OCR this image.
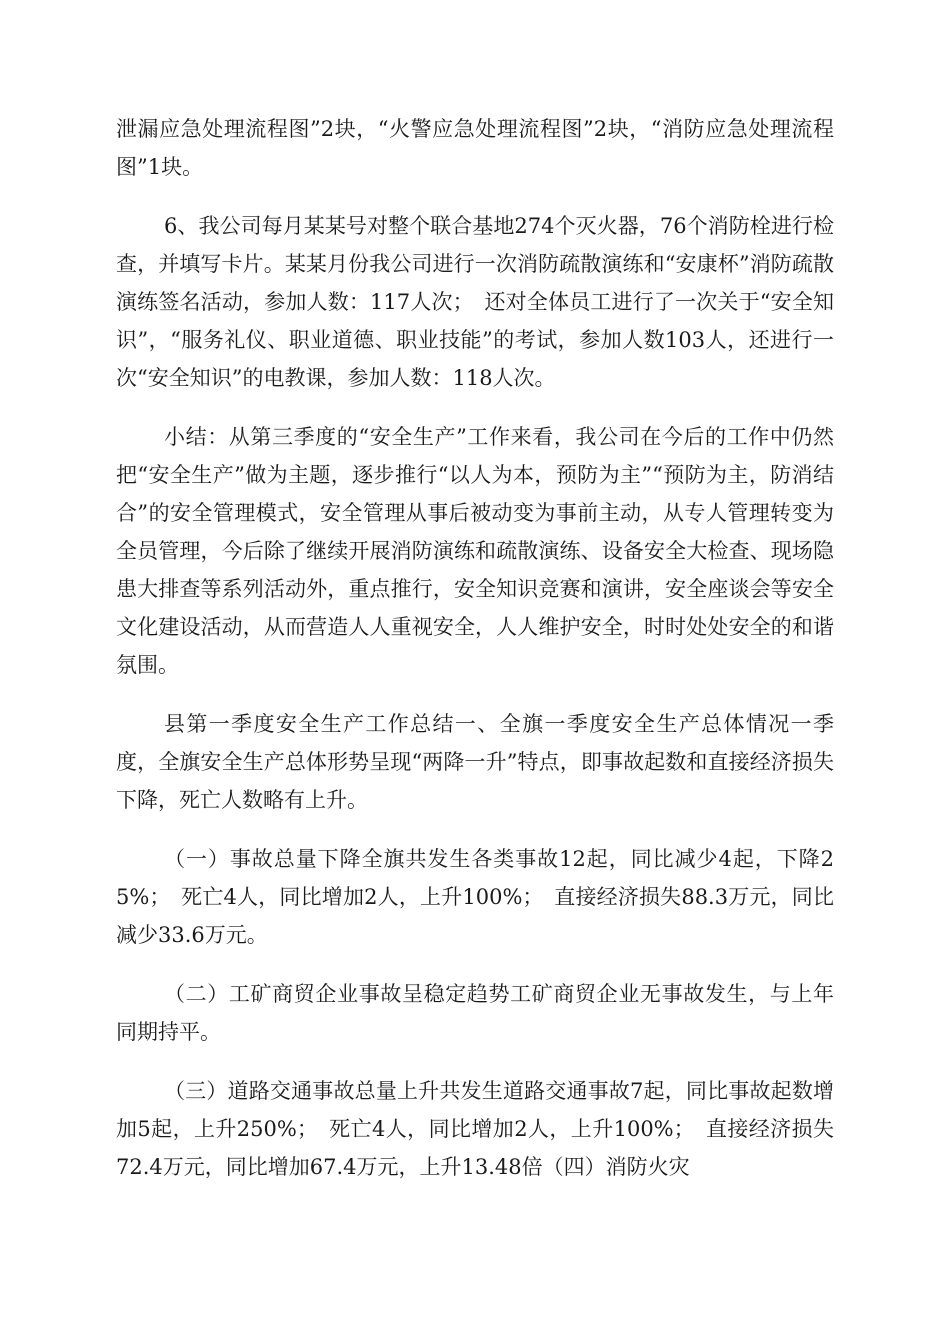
泄漏应急处理流程图”2块，“火警应急处理流程图”2块，“消防应急处理流程图”1块。

6、我公司每月某某号对整个联合基地274个灭火器，76个消防栓进行检查，并填写卡片。某某月份我公司进行一次消防疏散演练和“安康杯”消防疏散演练签名活动，参加人数：117人次；　还对全体员工进行了一次关于“安全知识”，“服务礼仪、职业道德、职业技能”的考试，参加人数103人，还进行一次“安全知识”的电教课，参加人数：118人次。

小结：从第三季度的“安全生产”工作来看，我公司在今后的工作中仍然把“安全生产”做为主题，逐步推行“以人为本，预防为主”“预防为主，防消结合”的安全管理模式，安全管理从事后被动变为事前主动，从专人管理转变为全员管理，今后除了继续开展消防演练和疏散演练、设备安全大检查、现场隐患大排查等系列活动外，重点推行，安全知识竞赛和演讲，安全座谈会等安全文化建设活动，从而营造人人重视安全，人人维护安全，时时处处安全的和谐氛围。

县第一季度安全生产工作总结一、全旗一季度安全生产总体情况一季度，全旗安全生产总体形势呈现“两降一升”特点，即事故起数和直接经济损失下降，死亡人数略有上升。

（一）事故总量下降全旗共发生各类事故12起，同比减少4起，下降25%；　死亡4人，同比增加2人，上升100%；　直接经济损失88.3万元，同比减少33.6万元。

（二）工矿商贸企业事故呈稳定趋势工矿商贸企业无事故发生，与上年同期持平。

（三）道路交通事故总量上升共发生道路交通事故7起，同比事故起数增加5起，上升250%；　死亡4人，同比增加2人，上升100%；　直接经济损失72.4万元，同比增加67.4万元，上升13.48倍（四）消防火灾
